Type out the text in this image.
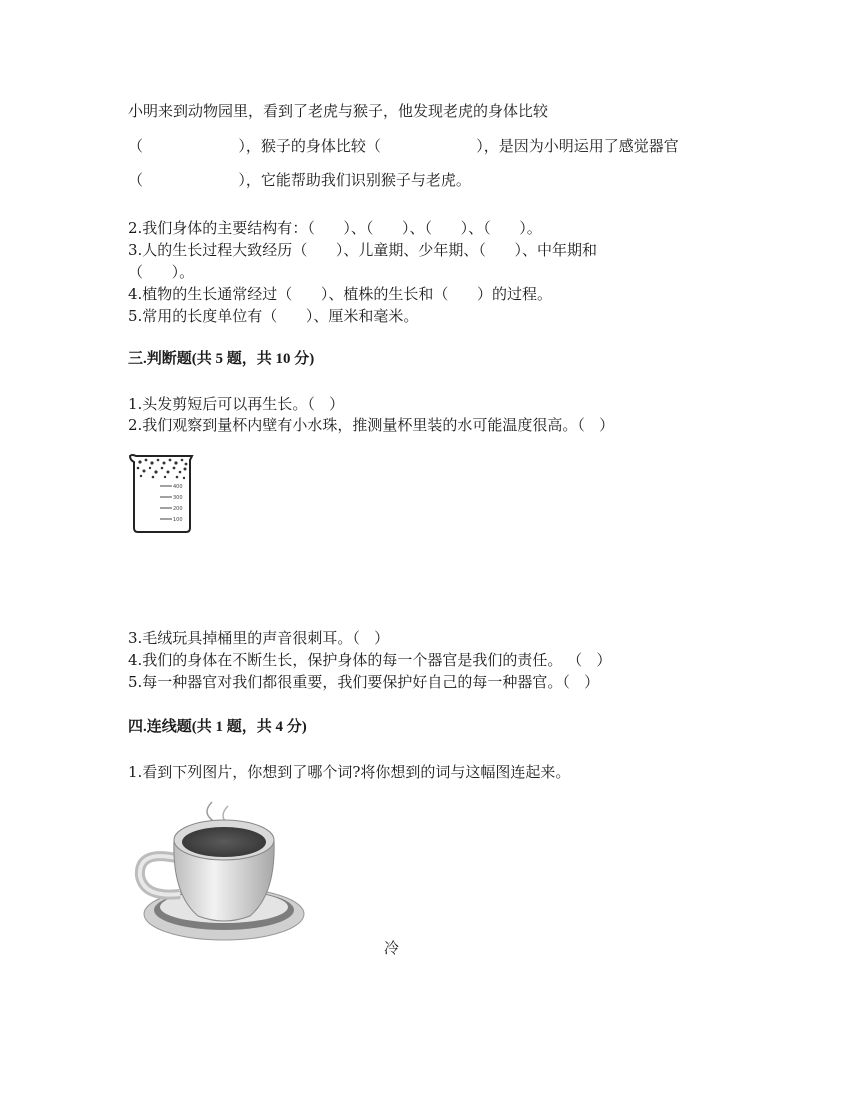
小明来到动物园里，看到了老虎与猴子，他发现老虎的身体比较
（                    ），猴子的身体比较（                    ），是因为小明运用了感觉器官
（                    ），它能帮助我们识别猴子与老虎。
2.我们身体的主要结构有：（      ）、（      ）、（      ）、（      ）。
3.人的生长过程大致经历（      ）、儿童期、少年期、（      ）、中年期和
（      ）。
4.植物的生长通常经过（      ）、植株的生长和（      ）的过程。
5.常用的长度单位有（      ）、厘米和毫米。
三.判断题(共 5 题，共 10 分)
1.头发剪短后可以再生长。（   ）
2.我们观察到量杯内壁有小水珠，推测量杯里装的水可能温度很高。（   ）
400
300
200
100
3.毛绒玩具掉桶里的声音很刺耳。（   ）
4.我们的身体在不断生长，保护身体的每一个器官是我们的责任。 （   ）
5.每一种器官对我们都很重要，我们要保护好自己的每一种器官。（   ）
四.连线题(共 1 题，共 4 分)
1.看到下列图片，你想到了哪个词?将你想到的词与这幅图连起来。
冷
